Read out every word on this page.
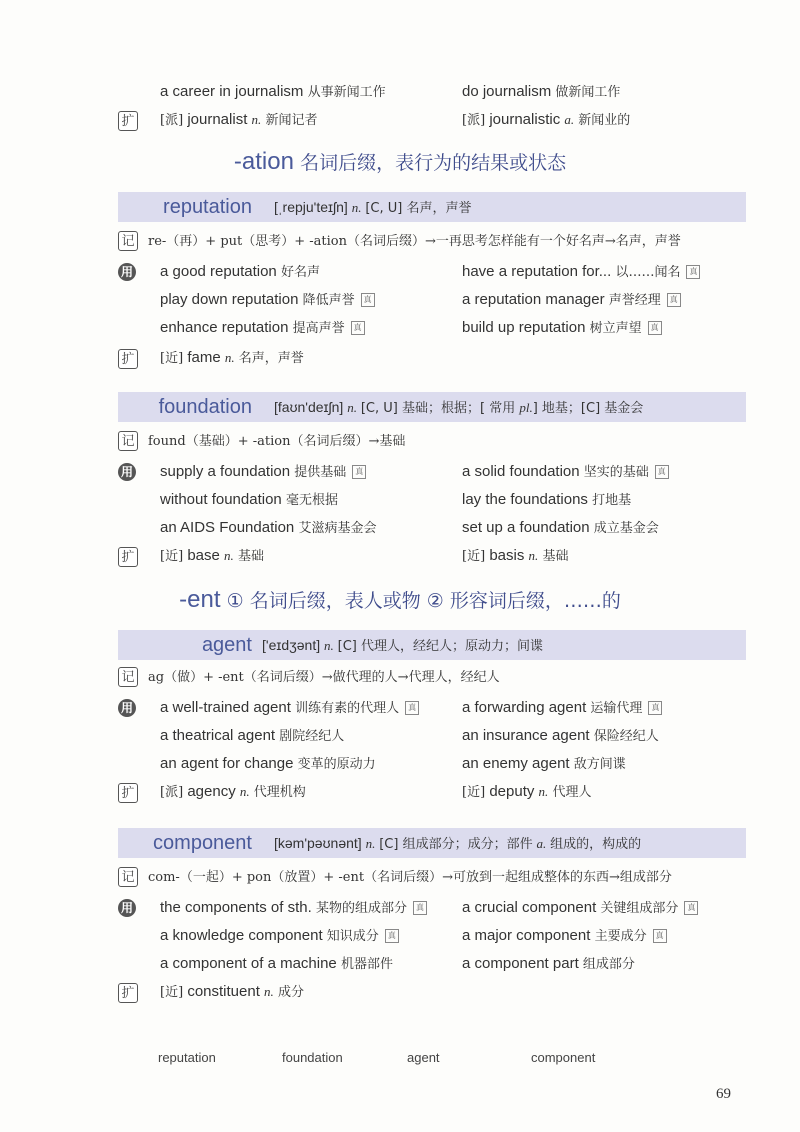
a career in journalism 从事新闻工作	do journalism 做新闻工作
扩 [派] journalist n. 新闻记者	[派] journalistic a. 新闻业的
-ation 名词后缀，表行为的结果或状态
reputation [ˌrepju'teɪʃn] n. [C, U] 名声，声誉
记 re-（再）+ put（思考）+ -ation（名词后缀）→一再思考怎样能有一个好名声→名声，声誉
用 a good reputation 好名声	have a reputation for... 以……闻名 真
play down reputation 降低声誉 真	a reputation manager 声誉经理 真
enhance reputation 提高声誉 真	build up reputation 树立声望 真
扩 [近] fame n. 名声，声誉
foundation [faʊn'deɪʃn] n. [C, U] 基础；根据；[ 常用 pl.] 地基；[C] 基金会
记 found（基础）+ -ation（名词后缀）→基础
用 supply a foundation 提供基础 真	a solid foundation 坚实的基础 真
without foundation 毫无根据	lay the foundations 打地基
an AIDS Foundation 艾滋病基金会	set up a foundation 成立基金会
扩 [近] base n. 基础	[近] basis n. 基础
-ent ① 名词后缀，表人或物 ② 形容词后缀，……的
agent ['eɪdʒənt] n. [C] 代理人，经纪人；原动力；间谍
记 ag（做）+ -ent（名词后缀）→做代理的人→代理人，经纪人
用 a well-trained agent 训练有素的代理人 真	a forwarding agent 运输代理 真
a theatrical agent 剧院经纪人	an insurance agent 保险经纪人
an agent for change 变革的原动力	an enemy agent 敌方间谍
扩 [派] agency n. 代理机构	[近] deputy n. 代理人
component [kəm'pəʊnənt] n. [C] 组成部分；成分；部件 a. 组成的，构成的
记 com-（一起）+ pon（放置）+ -ent（名词后缀）→可放到一起组成整体的东西→组成部分
用 the components of sth. 某物的组成部分 真	a crucial component 关键组成部分 真
a knowledge component 知识成分 真	a major component 主要成分 真
a component of a machine 机器部件	a component part 组成部分
扩 [近] constituent n. 成分
reputation	foundation	agent	component
69
